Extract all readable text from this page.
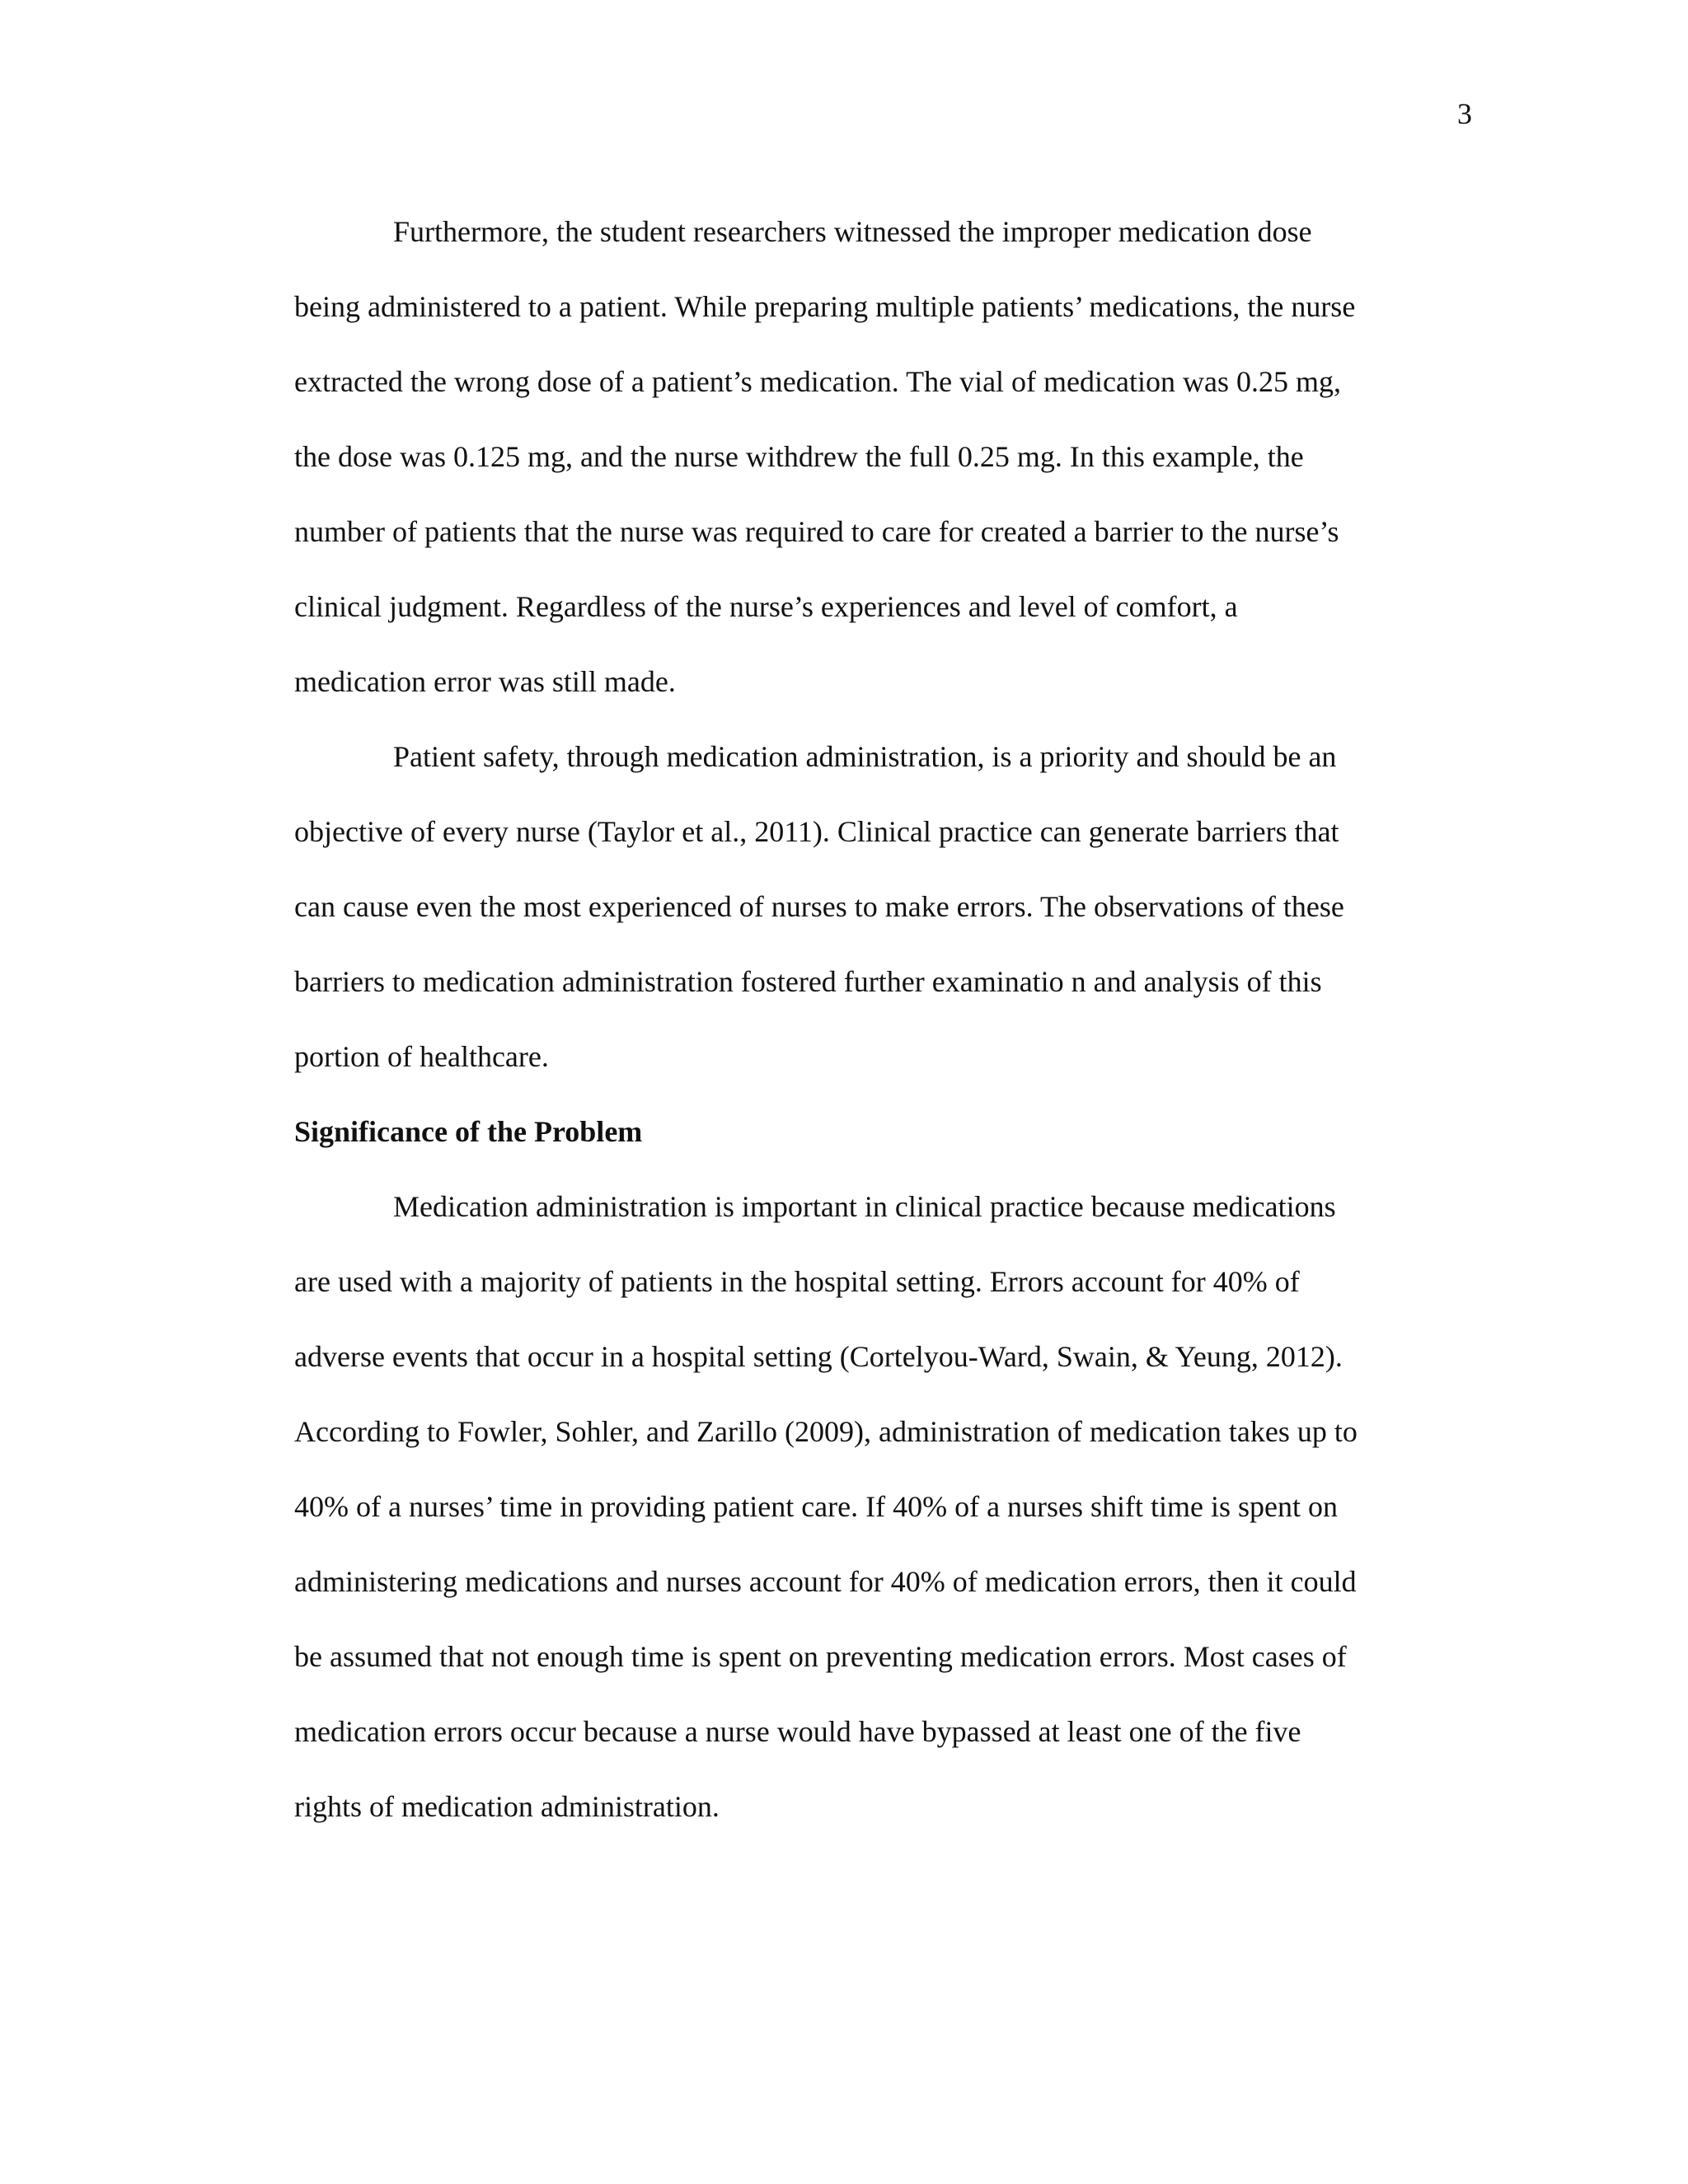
3

Furthermore, the student researchers witnessed the improper medication dose
being administered to a patient. While preparing multiple patients’ medications, the nurse
extracted the wrong dose of a patient’s medication. The vial of medication was 0.25 mg,
the dose was 0.125 mg, and the nurse withdrew the full 0.25 mg. In this example, the
number of patients that the nurse was required to care for created a barrier to the nurse’s
clinical judgment. Regardless of the nurse’s experiences and level of comfort, a
medication error was still made.

Patient safety, through medication administration, is a priority and should be an
objective of every nurse (Taylor et al., 2011). Clinical practice can generate barriers that
can cause even the most experienced of nurses to make errors. The observations of these
barriers to medication administration fostered further examinatio n and analysis of this
portion of healthcare.

Significance of the Problem

Medication administration is important in clinical practice because medications
are used with a majority of patients in the hospital setting. Errors account for 40% of
adverse events that occur in a hospital setting (Cortelyou-Ward, Swain, & Yeung, 2012).
According to Fowler, Sohler, and Zarillo (2009), administration of medication takes up to
40% of a nurses’ time in providing patient care. If 40% of a nurses shift time is spent on
administering medications and nurses account for 40% of medication errors, then it could
be assumed that not enough time is spent on preventing medication errors. Most cases of
medication errors occur because a nurse would have bypassed at least one of the five
rights of medication administration.
